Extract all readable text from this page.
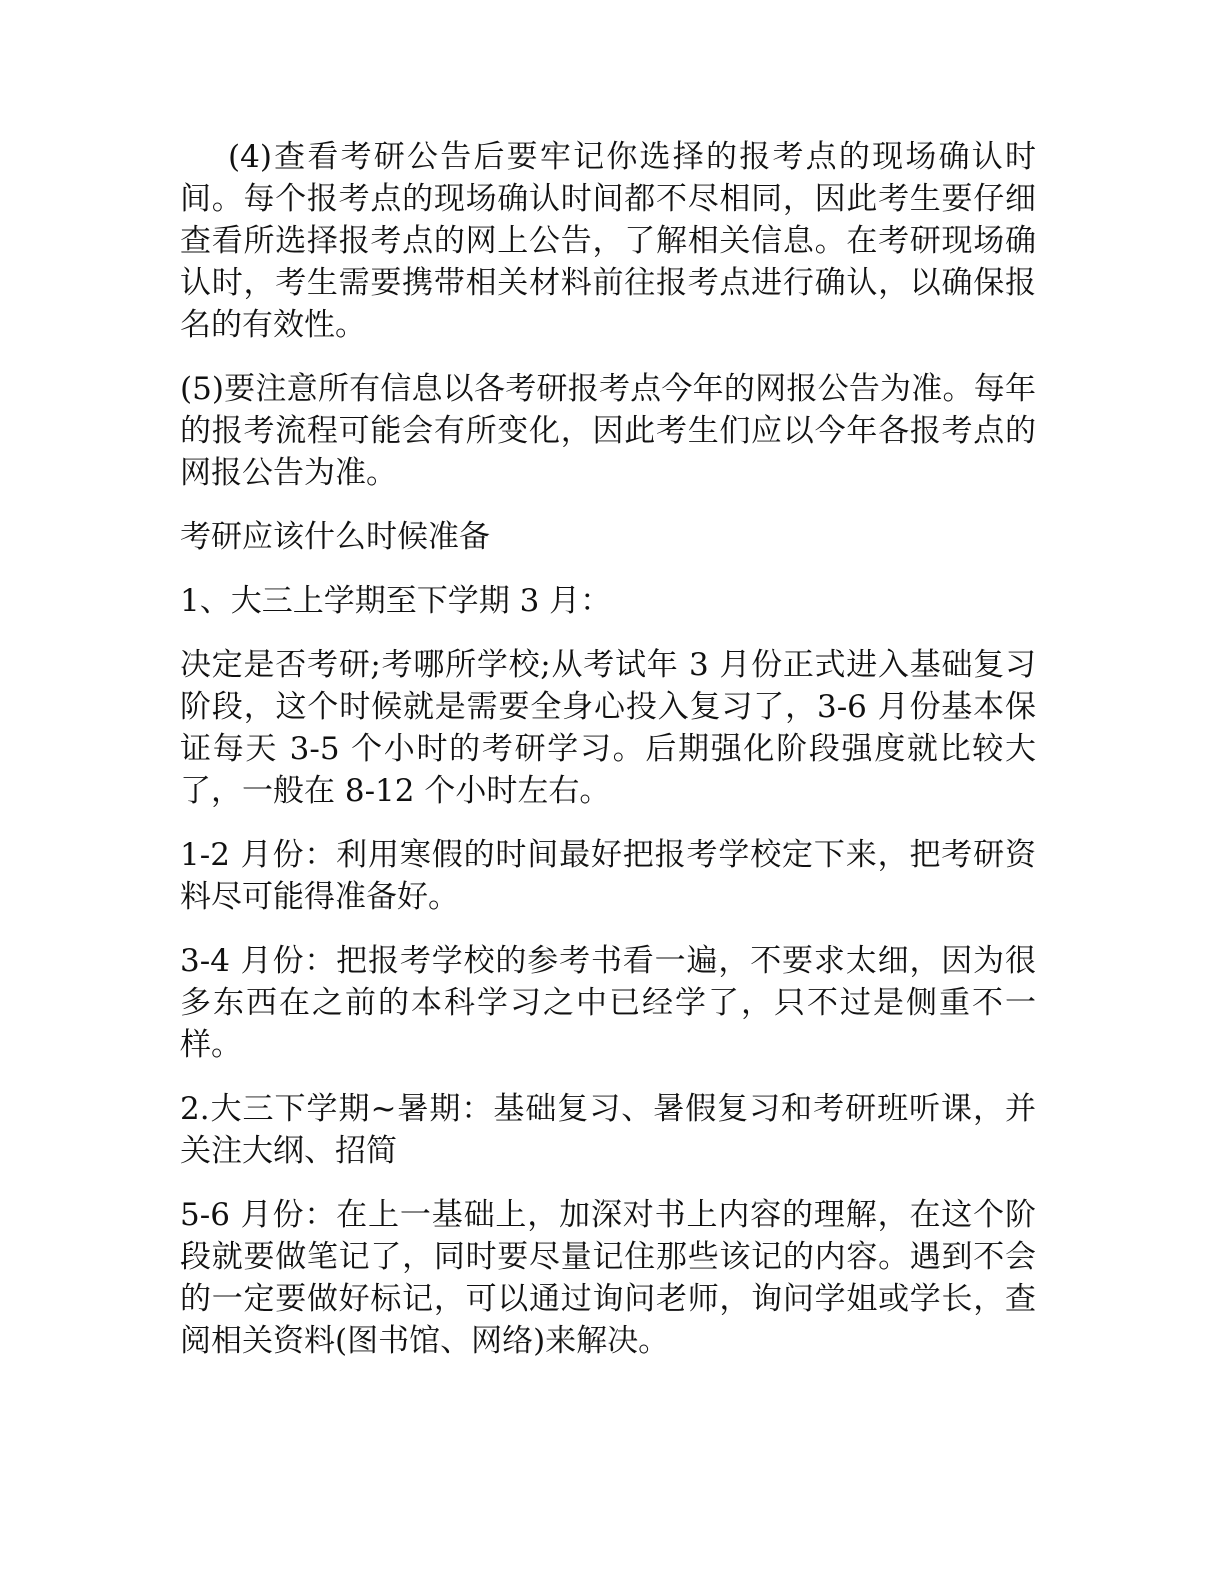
(4)查看考研公告后要牢记你选择的报考点的现场确认时间。每个报考点的现场确认时间都不尽相同，因此考生要仔细查看所选择报考点的网上公告，了解相关信息。在考研现场确认时，考生需要携带相关材料前往报考点进行确认，以确保报名的有效性。

(5)要注意所有信息以各考研报考点今年的网报公告为准。每年的报考流程可能会有所变化，因此考生们应以今年各报考点的网报公告为准。

考研应该什么时候准备

1、大三上学期至下学期 3 月：

决定是否考研;考哪所学校;从考试年 3 月份正式进入基础复习阶段，这个时候就是需要全身心投入复习了，3-6 月份基本保证每天 3-5 个小时的考研学习。后期强化阶段强度就比较大了，一般在 8-12 个小时左右。

1-2 月份：利用寒假的时间最好把报考学校定下来，把考研资料尽可能得准备好。

3-4 月份：把报考学校的参考书看一遍，不要求太细，因为很多东西在之前的本科学习之中已经学了，只不过是侧重不一样。

2.大三下学期~暑期：基础复习、暑假复习和考研班听课，并关注大纲、招简

5-6 月份：在上一基础上，加深对书上内容的理解，在这个阶段就要做笔记了，同时要尽量记住那些该记的内容。遇到不会的一定要做好标记，可以通过询问老师，询问学姐或学长，查阅相关资料(图书馆、网络)来解决。
